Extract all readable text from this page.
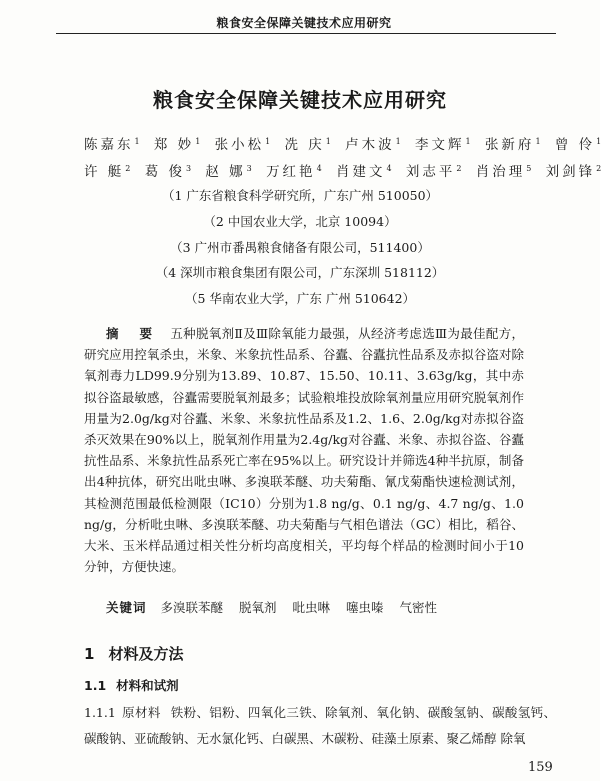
粮食安全保障关键技术应用研究
粮食安全保障关键技术应用研究
陈嘉东$^1$ 郑 妙$^1$ 张小松$^1$ 冼 庆$^1$ 卢木波$^1$ 李文辉$^1$ 张新府$^1$ 曾 伶$^1$
许 艇$^2$ 葛 俊$^3$ 赵 娜$^3$ 万红艳$^4$ 肖建文$^4$ 刘志平$^2$ 肖治理$^5$ 刘剑锋$^2$
（1 广东省粮食科学研究所，广东广州 510050）
（2 中国农业大学，北京 10094）
（3 广州市番禺粮食储备有限公司，511400）
（4 深圳市粮食集团有限公司，广东深圳 518112）
（5 华南农业大学，广东 广州 510642）
摘 要 五种脱氧剂Ⅱ及Ⅲ除氧能力最强，从经济考虑选Ⅲ为最佳配方，研究应用控氧杀虫，米象、米象抗性品系、谷蠹、谷蠹抗性品系及赤拟谷盗对除氧剂毒力LD99.9分别为13.89、10.87、15.50、10.11、3.63g/kg，其中赤拟谷盗最敏感，谷蠹需要脱氧剂最多；试验粮堆投放除氧剂量应用研究脱氧剂作用量为2.0g/kg对谷蠹、米象、米象抗性品系及1.2、1.6、2.0g/kg对赤拟谷盗杀灭效果在90%以上，脱氧剂作用量为2.4g/kg对谷蠹、米象、赤拟谷盗、谷蠹抗性品系、米象抗性品系死亡率在95%以上。研究设计并筛选4种半抗原，制备出4种抗体，研究出吡虫啉、多溴联苯醚、功夫菊酯、氰戊菊酯快速检测试剂，其检测范围最低检测限（IC10）分别为1.8 ng/g、0.1 ng/g、4.7 ng/g、1.0 ng/g，分析吡虫啉、多溴联苯醚、功夫菊酯与气相色谱法（GC）相比，稻谷、大米、玉米样品通过相关性分析均高度相关，平均每个样品的检测时间小于10分钟，方便快速。
关键词 多溴联苯醚 脱氧剂 吡虫啉 噻虫嗪 气密性
1 材料及方法
1.1 材料和试剂
1.1.1 原材料 铁粉、铝粉、四氧化三铁、除氧剂、氧化钠、碳酸氢钠、碳酸氢钙、碳酸钠、亚硫酸钠、无水氯化钙、白碳黑、木碳粉、硅藻土原素、聚乙烯醇 除氧
159
